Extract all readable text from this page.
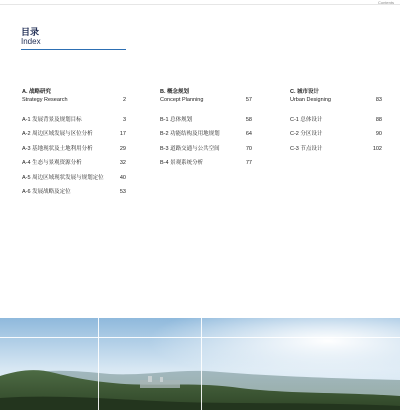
Contents
目录
Index
A. 战略研究
Strategy Research	2
A-1 发展背景及规划目标	3
A-2 周边区域发展与区位分析	17
A-3 基地现状及土地利用分析	29
A-4 生态与景观资源分析	32
A-5 周边区域现状发展与规划定位	40
A-6 发展战略及定位	53
B. 概念规划
Concept Planning	57
B-1 总体规划	58
B-2 功能结构及用地规划	64
B-3 道路交通与公共空间	70
B-4 景观系统分析	77
C. 城市设计
Urban Designing	83
C-1 总体设计	88
C-2 分区设计	90
C-3 节点设计	102
